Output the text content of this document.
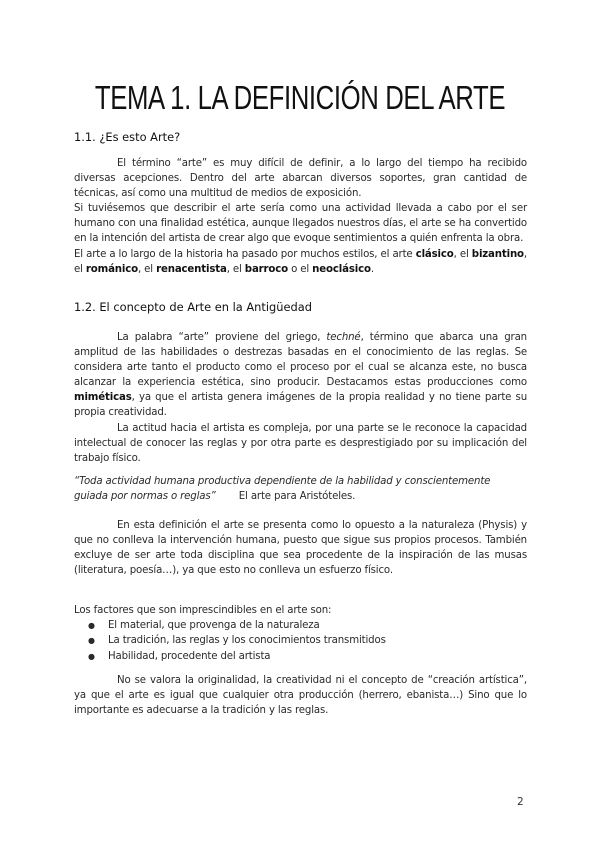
TEMA 1. LA DEFINICIÓN DEL ARTE
1.1. ¿Es esto Arte?

El término “arte” es muy difícil de definir, a lo largo del tiempo ha recibido diversas acepciones. Dentro del arte abarcan diversos soportes, gran cantidad de técnicas, así como una multitud de medios de exposición.

Si tuviésemos que describir el arte sería como una actividad llevada a cabo por el ser humano con una finalidad estética, aunque llegados nuestros días, el arte se ha convertido en la intención del artista de crear algo que evoque sentimientos a quién enfrenta la obra.

El arte a lo largo de la historia ha pasado por muchos estilos, el arte clásico, el bizantino, el románico, el renacentista, el barroco o el neoclásico.

1.2. El concepto de Arte en la Antigüedad

La palabra “arte” proviene del griego, techné, término que abarca una gran amplitud de las habilidades o destrezas basadas en el conocimiento de las reglas. Se considera arte tanto el producto como el proceso por el cual se alcanza este, no busca alcanzar la experiencia estética, sino producir. Destacamos estas producciones como miméticas, ya que el artista genera imágenes de la propia realidad y no tiene parte su propia creatividad.

La actitud hacia el artista es compleja, por una parte se le reconoce la capacidad intelectual de conocer las reglas y por otra parte es desprestigiado por su implicación del trabajo físico.

“Toda actividad humana productiva dependiente de la habilidad y conscientemente guiada por normas o reglas” El arte para Aristóteles.

En esta definición el arte se presenta como lo opuesto a la naturaleza (Physis) y que no conlleva la intervención humana, puesto que sigue sus propios procesos. También excluye de ser arte toda disciplina que sea procedente de la inspiración de las musas (literatura, poesía…), ya que esto no conlleva un esfuerzo físico.

Los factores que son imprescindibles en el arte son:

● El material, que provenga de la naturaleza
● La tradición, las reglas y los conocimientos transmitidos
● Habilidad, procedente del artista

No se valora la originalidad, la creatividad ni el concepto de “creación artística”, ya que el arte es igual que cualquier otra producción (herrero, ebanista…) Sino que lo importante es adecuarse a la tradición y las reglas.

2
